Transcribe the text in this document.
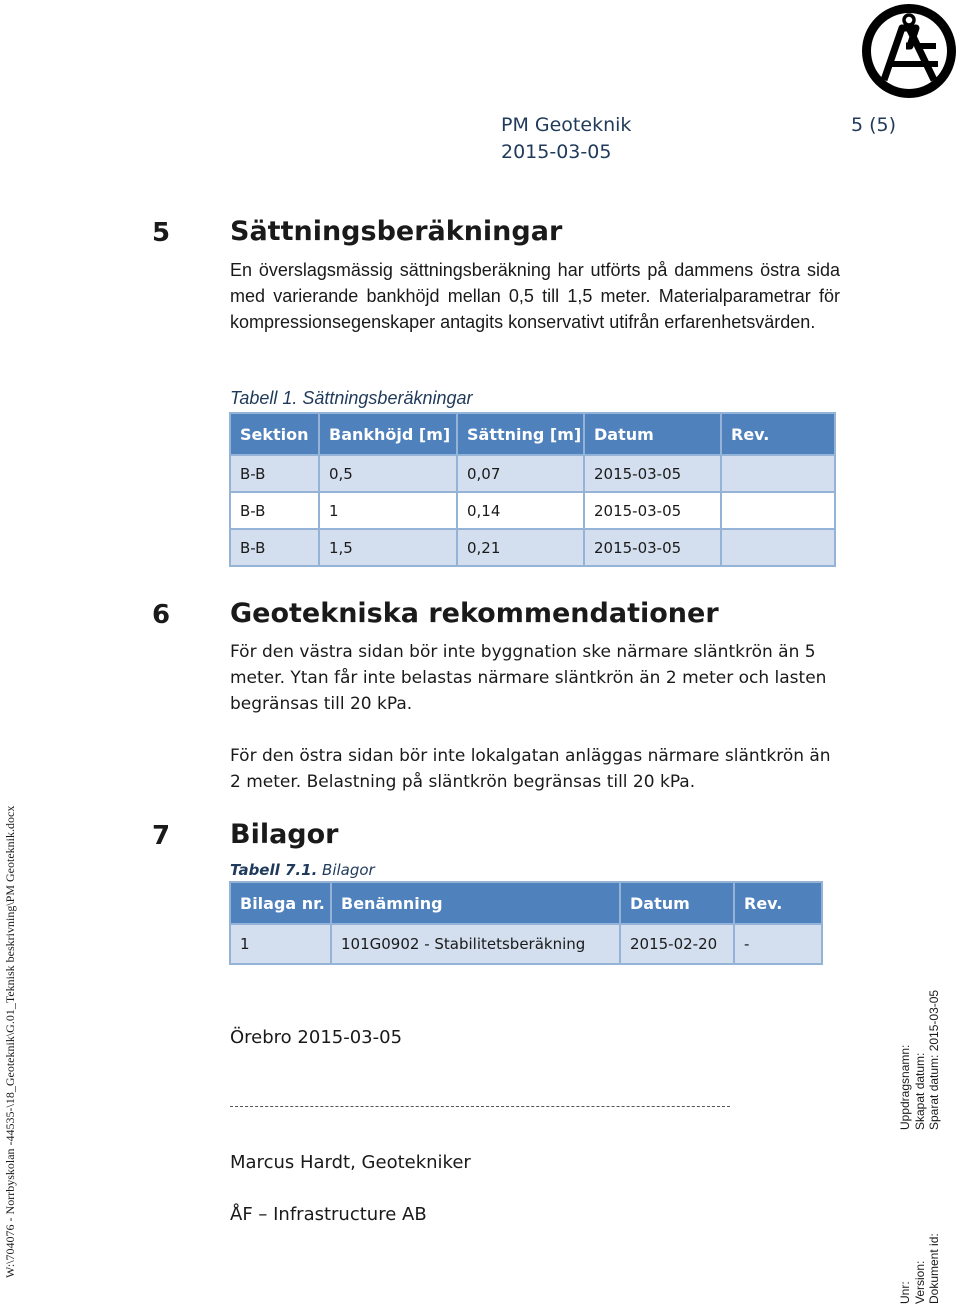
PM Geoteknik	5 (5)
2015-03-05
5 Sättningsberäkningar
En överslagsmässig sättningsberäkning har utförts på dammens östra sida med varierande bankhöjd mellan 0,5 till 1,5 meter. Materialparametrar för kompressionsegenskaper antagits konservativt utifrån erfarenhetsvärden.
Tabell 1. Sättningsberäkningar
Sektion	Bankhöjd [m]	Sättning [m]	Datum	Rev.
B-B	0,5	0,07	2015-03-05	
B-B	1	0,14	2015-03-05	
B-B	1,5	0,21	2015-03-05	
6 Geotekniska rekommendationer
För den västra sidan bör inte byggnation ske närmare släntkrön än 5 meter. Ytan får inte belastas närmare släntkrön än 2 meter och lasten begränsas till 20 kPa.
För den östra sidan bör inte lokalgatan anläggas närmare släntkrön än 2 meter. Belastning på släntkrön begränsas till 20 kPa.
7 Bilagor
Tabell 7.1. Bilagor
Bilaga nr.	Benämning	Datum	Rev.
1	101G0902 - Stabilitetsberäkning	2015-02-20	-
Örebro 2015-03-05
Marcus Hardt, Geotekniker
ÅF – Infrastructure AB
W:\704076 - Norrbyskolan -44535-\18_Geoteknik\G.01_Teknisk beskrivning\PM Geoteknik.docx	Uppdragsnamn: Skapat datum: Sparat datum: 2015-03-05
Unr: Version: Dokument id:
